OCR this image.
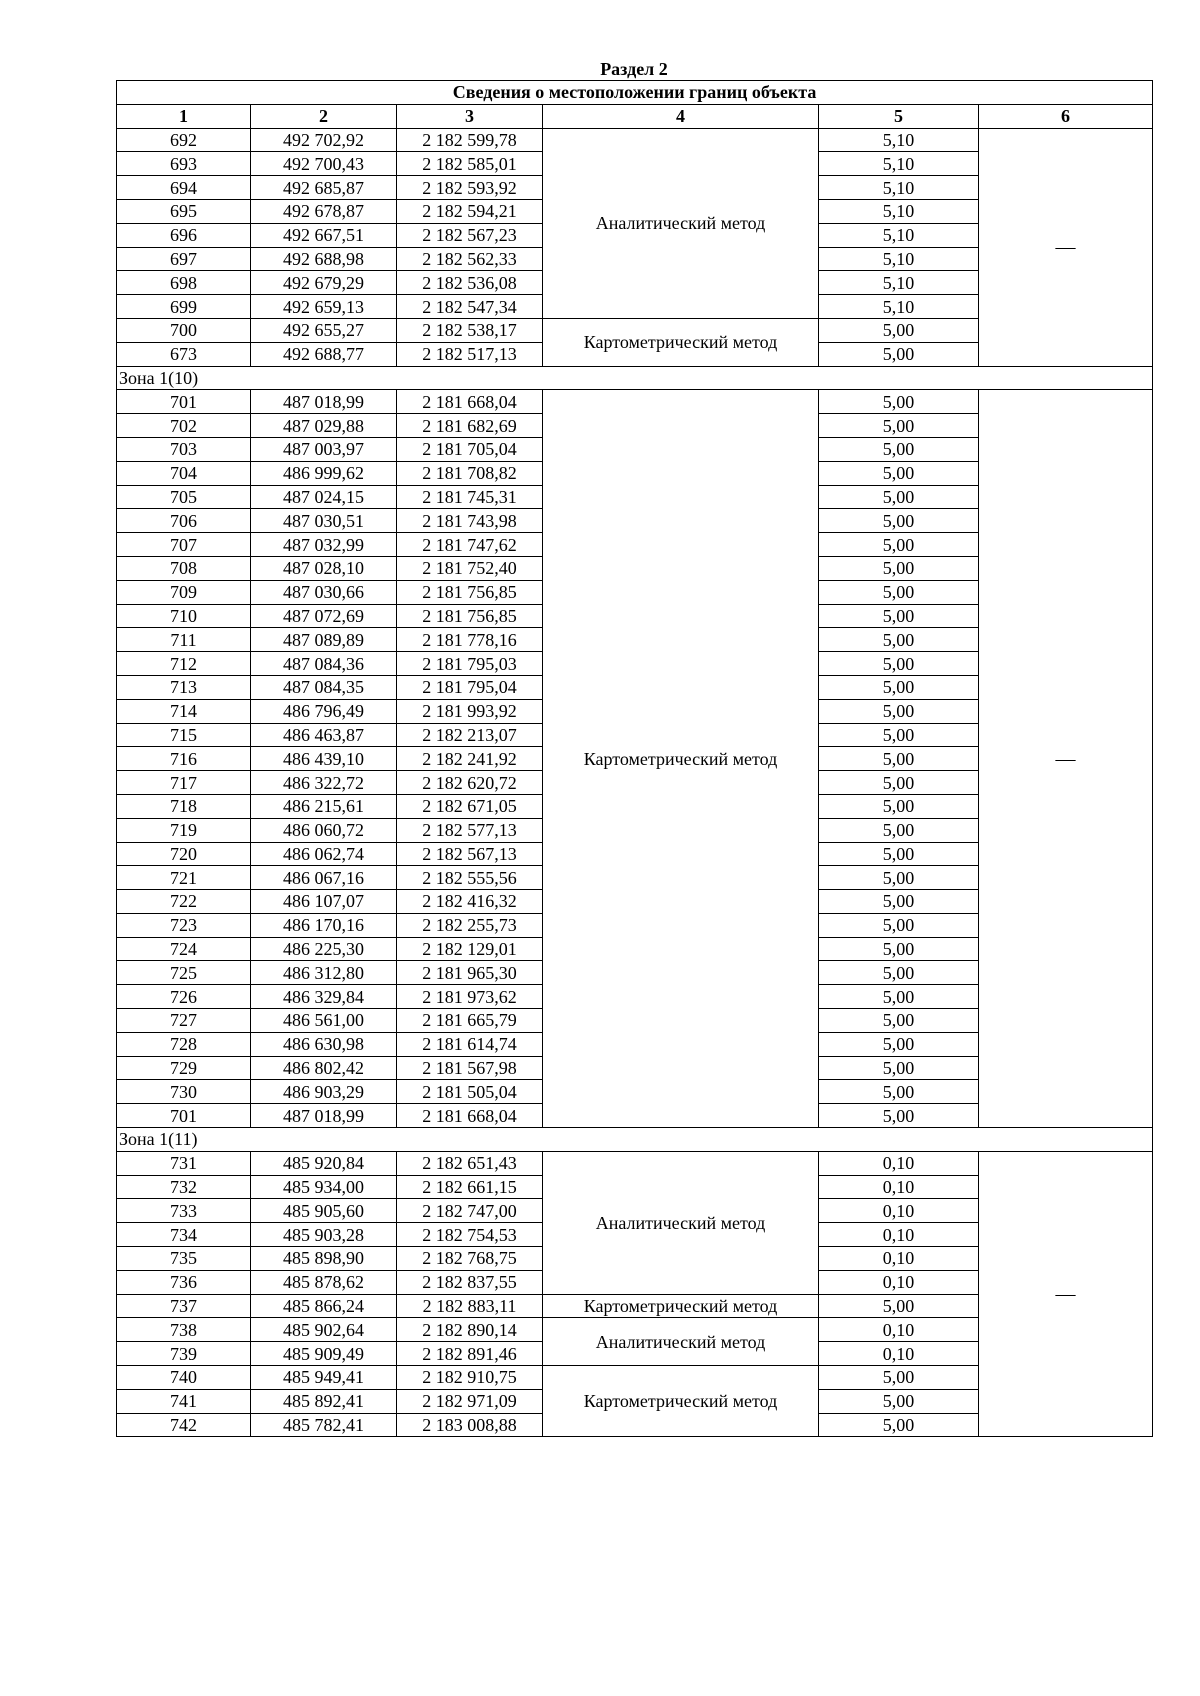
Раздел 2
Сведения о местоположении границ объекта					
1	2	3	4	5	6
692	492 702,92	2 182 599,78	Аналитический метод	5,10	—
693	492 700,43	2 182 585,01		5,10	
694	492 685,87	2 182 593,92		5,10	
695	492 678,87	2 182 594,21		5,10	
696	492 667,51	2 182 567,23		5,10	
697	492 688,98	2 182 562,33		5,10	
698	492 679,29	2 182 536,08		5,10	
699	492 659,13	2 182 547,34		5,10	
700	492 655,27	2 182 538,17	Картометрический метод	5,00	
673	492 688,77	2 182 517,13		5,00	
Зона 1(10)					
701	487 018,99	2 181 668,04	Картометрический метод	5,00	—
702	487 029,88	2 181 682,69		5,00	
703	487 003,97	2 181 705,04		5,00	
704	486 999,62	2 181 708,82		5,00	
705	487 024,15	2 181 745,31		5,00	
706	487 030,51	2 181 743,98		5,00	
707	487 032,99	2 181 747,62		5,00	
708	487 028,10	2 181 752,40		5,00	
709	487 030,66	2 181 756,85		5,00	
710	487 072,69	2 181 756,85		5,00	
711	487 089,89	2 181 778,16		5,00	
712	487 084,36	2 181 795,03		5,00	
713	487 084,35	2 181 795,04		5,00	
714	486 796,49	2 181 993,92		5,00	
715	486 463,87	2 182 213,07		5,00	
716	486 439,10	2 182 241,92		5,00	
717	486 322,72	2 182 620,72		5,00	
718	486 215,61	2 182 671,05		5,00	
719	486 060,72	2 182 577,13		5,00	
720	486 062,74	2 182 567,13		5,00	
721	486 067,16	2 182 555,56		5,00	
722	486 107,07	2 182 416,32		5,00	
723	486 170,16	2 182 255,73		5,00	
724	486 225,30	2 182 129,01		5,00	
725	486 312,80	2 181 965,30		5,00	
726	486 329,84	2 181 973,62		5,00	
727	486 561,00	2 181 665,79		5,00	
728	486 630,98	2 181 614,74		5,00	
729	486 802,42	2 181 567,98		5,00	
730	486 903,29	2 181 505,04		5,00	
701	487 018,99	2 181 668,04		5,00	
Зона 1(11)					
731	485 920,84	2 182 651,43	Аналитический метод	0,10	—
732	485 934,00	2 182 661,15		0,10	
733	485 905,60	2 182 747,00		0,10	
734	485 903,28	2 182 754,53		0,10	
735	485 898,90	2 182 768,75		0,10	
736	485 878,62	2 182 837,55		0,10	
737	485 866,24	2 182 883,11	Картометрический метод	5,00	
738	485 902,64	2 182 890,14	Аналитический метод	0,10	
739	485 909,49	2 182 891,46		0,10	
740	485 949,41	2 182 910,75	Картометрический метод	5,00	
741	485 892,41	2 182 971,09		5,00	
742	485 782,41	2 183 008,88		5,00	
